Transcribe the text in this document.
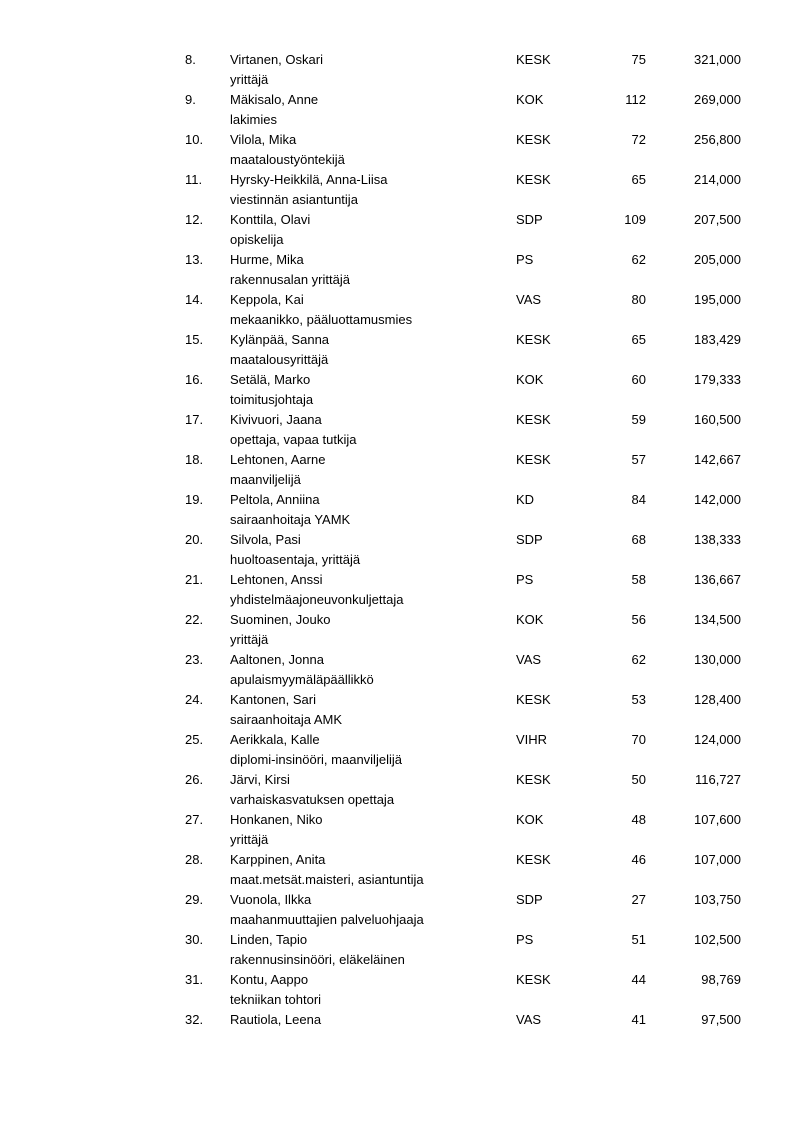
8.	Virtanen, Oskari	KESK	75	321,000
yrittäjä
9.	Mäkisalo, Anne	KOK	112	269,000
lakimies
10.	Vilola, Mika	KESK	72	256,800
maataloustyöntekijä
11.	Hyrsky-Heikkilä, Anna-Liisa	KESK	65	214,000
viestinnän asiantuntija
12.	Konttila, Olavi	SDP	109	207,500
opiskelija
13.	Hurme, Mika	PS	62	205,000
rakennusalan yrittäjä
14.	Keppola, Kai	VAS	80	195,000
mekaanikko, pääluottamusmies
15.	Kylänpää, Sanna	KESK	65	183,429
maatalousyrittäjä
16.	Setälä, Marko	KOK	60	179,333
toimitusjohtaja
17.	Kivivuori, Jaana	KESK	59	160,500
opettaja, vapaa tutkija
18.	Lehtonen, Aarne	KESK	57	142,667
maanviljelijä
19.	Peltola, Anniina	KD	84	142,000
sairaanhoitaja YAMK
20.	Silvola, Pasi	SDP	68	138,333
huoltoasentaja, yrittäjä
21.	Lehtonen, Anssi	PS	58	136,667
yhdistelmäajoneuvonkuljettaja
22.	Suominen, Jouko	KOK	56	134,500
yrittäjä
23.	Aaltonen, Jonna	VAS	62	130,000
apulaismyymäläpäällikkö
24.	Kantonen, Sari	KESK	53	128,400
sairaanhoitaja AMK
25.	Aerikkala, Kalle	VIHR	70	124,000
diplomi-insinööri, maanviljelijä
26.	Järvi, Kirsi	KESK	50	116,727
varhaiskasvatuksen opettaja
27.	Honkanen, Niko	KOK	48	107,600
yrittäjä
28.	Karppinen, Anita	KESK	46	107,000
maat.metsät.maisteri, asiantuntija
29.	Vuonola, Ilkka	SDP	27	103,750
maahanmuuttajien palveluohjaaja
30.	Linden, Tapio	PS	51	102,500
rakennusinsinööri, eläkeläinen
31.	Kontu, Aappo	KESK	44	98,769
tekniikan tohtori
32.	Rautiola, Leena	VAS	41	97,500
